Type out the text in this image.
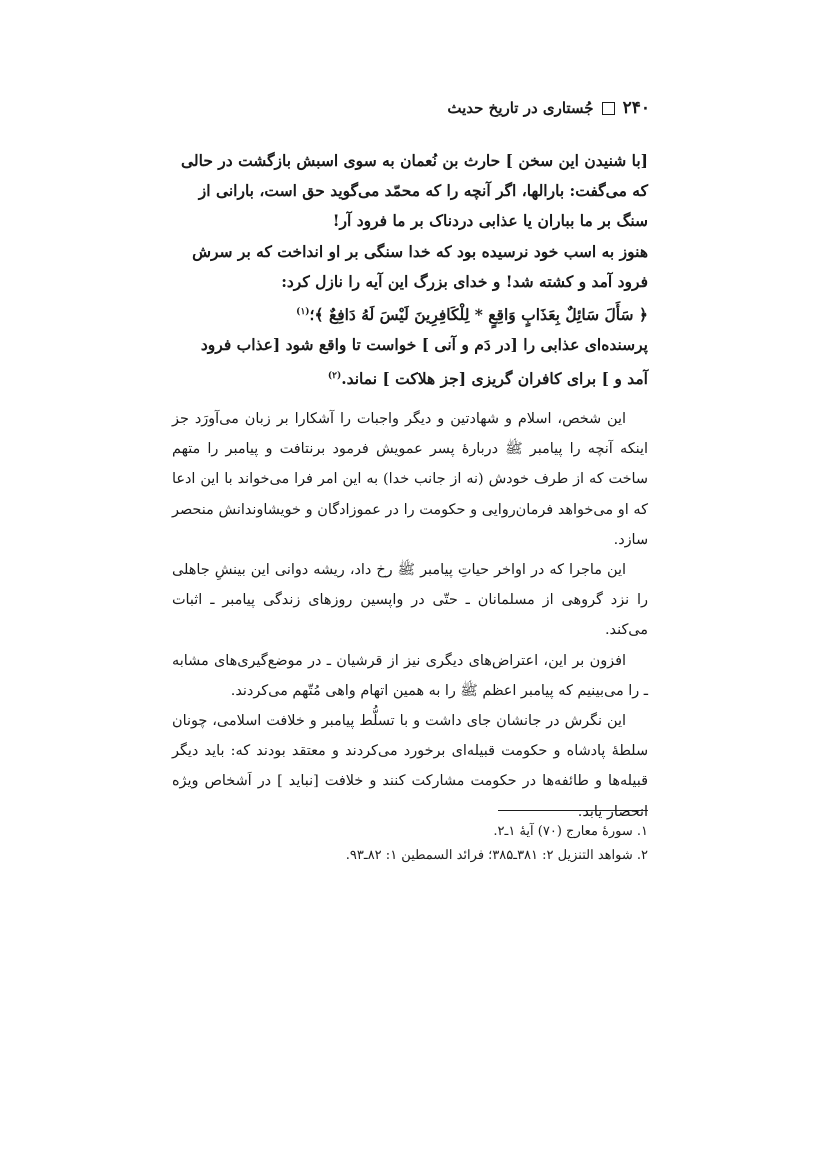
۲۴۰
جُستاری در تاریخ حدیث

[با شنیدن این سخن ] حارث بن نُعمان به سوی اسبش بازگشت در حالی

که می‌گفت: بارالها، اگر آنچه را که محمّد می‌گوید حق است، بارانی از

سنگ بر ما بباران یا عذابی دردناک بر ما فرود آر!

هنوز به اسب خود نرسیده بود که خدا سنگی بر او انداخت که بر سرش

فرود آمد و کشته شد! و خدای بزرگ این آیه را نازل کرد:

﴿ سَأَلَ سَائِلٌ بِعَذَابٍ وَاقِعٍ * لِلْكَافِرِينَ لَيْسَ لَهُ دَافِعٌ ﴾؛$^{(۱)}$

پرسنده‌ای عذابی را [در دَم و آنی ] خواست تا واقع شود [عذاب فرود

آمد و ] برای کافران گریزی [جز هلاکت ] نماند.$^{(۲)}$

این شخص، اسلام و شهادتین و دیگر واجبات را آشکارا بر زبان می‌آورَد جز اینکه آنچه را پیامبر ﷺ دربارهٔ پسر عمویش فرمود برنتافت و پیامبر را متهم ساخت که از طرف خودش (نه از جانب خدا) به این امر فرا می‌خواند با این ادعا که او می‌خواهد فرمان‌روایی و حکومت را در عموزادگان و خویشاوندانش منحصر سازد.

این ماجرا که در اواخر حیاتِ پیامبر ﷺ رخ داد، ریشه دوانی این بینشِ جاهلی را نزد گروهی از مسلمانان ـ حتّی در واپسین روزهای زندگی پیامبر ـ اثبات می‌کند.

افزون بر این، اعتراض‌های دیگری نیز از قرشیان ـ در موضع‌گیری‌های مشابه ـ را می‌بینیم که پیامبر اعظم ﷺ را به همین اتهام واهی مُتّهم می‌کردند.

این نگرش در جانشان جای داشت و با تسلُّط پیامبر و خلافت اسلامی، چونان سلطهٔ پادشاه و حکومت قبیله‌ای برخورد می‌کردند و معتقد بودند که: باید دیگر قبیله‌ها و طائفه‌ها در حکومت مشارکت کنند و خلافت [نباید ] در اَشخاص ویژه انحصار یابد.

۱. سورهٔ معارج (۷۰) آیهٔ ۱ـ۲.

۲. شواهد التنزیل ۲: ۳۸۱ـ۳۸۵؛ فرائد السمطین ۱: ۸۲ـ۹۳.
